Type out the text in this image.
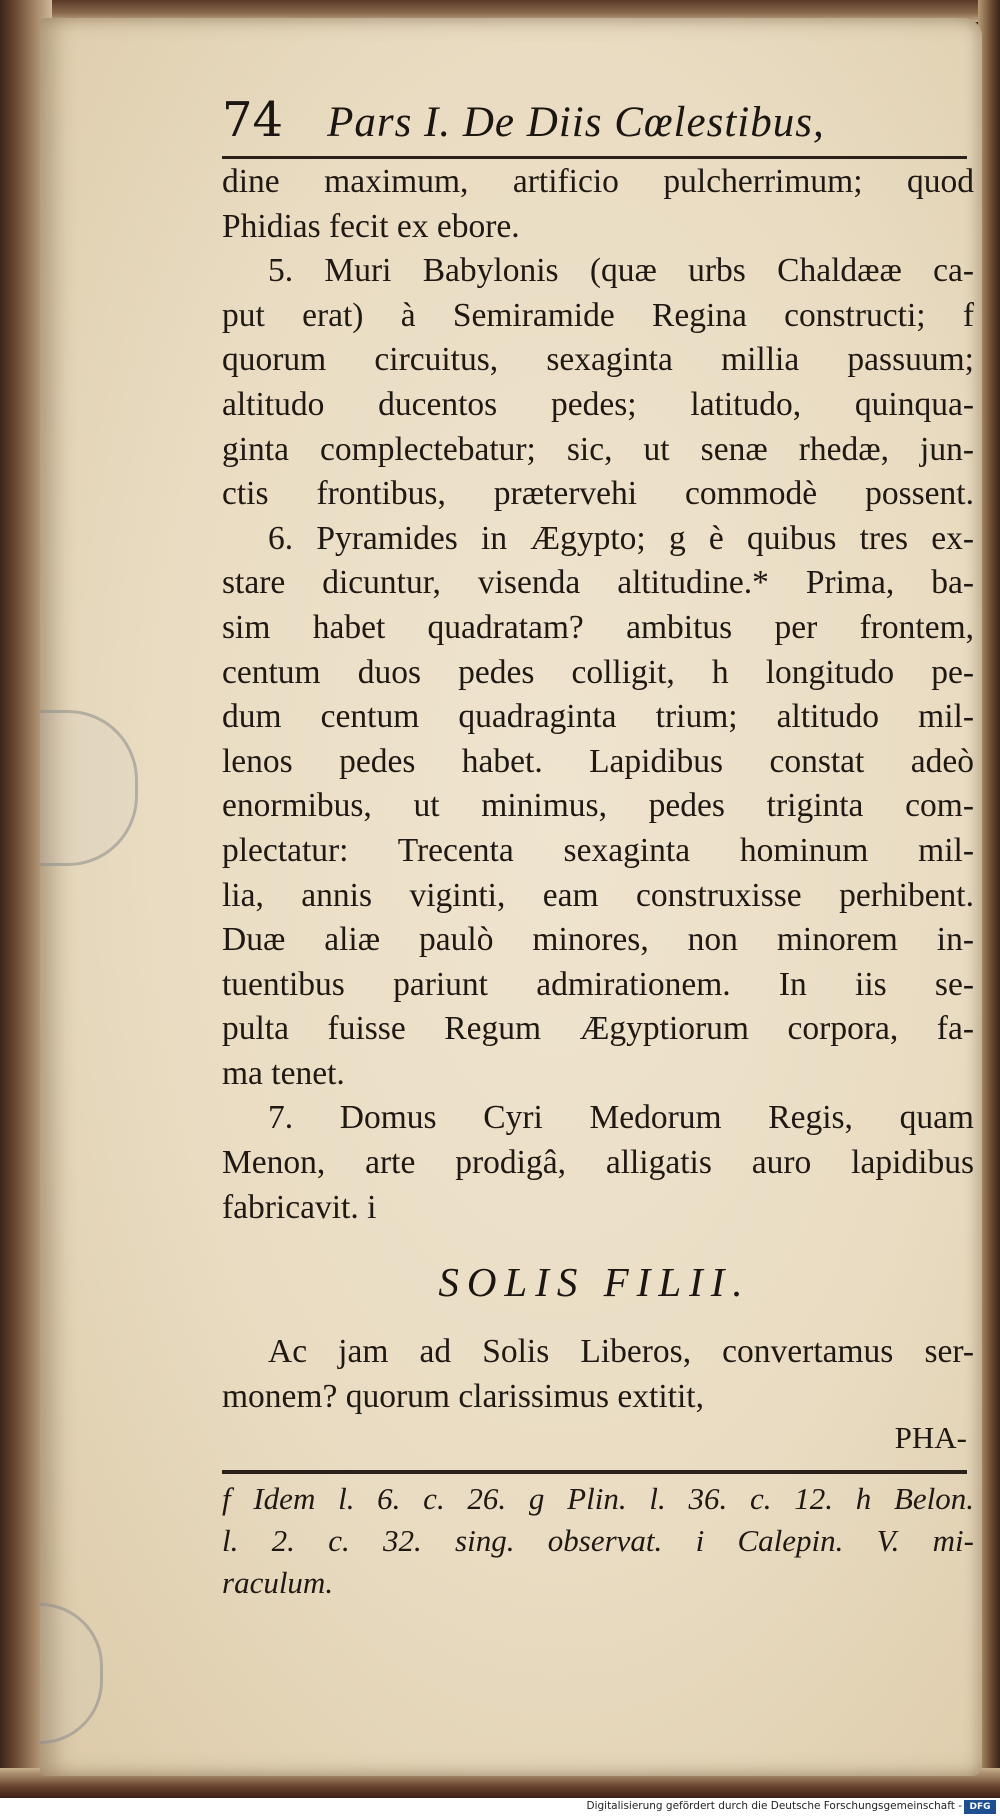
74 Pars I. De Diis Cœlestibus,
dine maximum, artificio pulcherrimum; quod
Phidias fecit ex ebore.
5. Muri Babylonis (quæ urbs Chaldææ ca-
put erat) à Semiramide Regina constructi; f
quorum circuitus, sexaginta millia passuum;
altitudo ducentos pedes; latitudo, quinqua-
ginta complectebatur; sic, ut senæ rhedæ, jun-
ctis frontibus, prætervehi commodè possent.
6. Pyramides in Ægypto; g è quibus tres ex-
stare dicuntur, visenda altitudine.* Prima, ba-
sim habet quadratam? ambitus per frontem,
centum duos pedes colligit, h longitudo pe-
dum centum quadraginta trium; altitudo mil-
lenos pedes habet. Lapidibus constat adeò
enormibus, ut minimus, pedes triginta com-
plectatur: Trecenta sexaginta hominum mil-
lia, annis viginti, eam construxisse perhibent.
Duæ aliæ paulò minores, non minorem in-
tuentibus pariunt admirationem. In iis se-
pulta fuisse Regum Ægyptiorum corpora, fa-
ma tenet.
7. Domus Cyri Medorum Regis, quam
Menon, arte prodigâ, alligatis auro lapidibus
fabricavit. i
SOLIS FILII.
Ac jam ad Solis Liberos, convertamus ser-
monem? quorum clarissimus extitit,
PHA-
f Idem l. 6. c. 26. g Plin. l. 36. c. 12. h Belon.
l. 2. c. 32. sing. observat. i Calepin. V. mi-
raculum.
Digitalisierung gefördert durch die Deutsche Forschungsgemeinschaft - DFG
